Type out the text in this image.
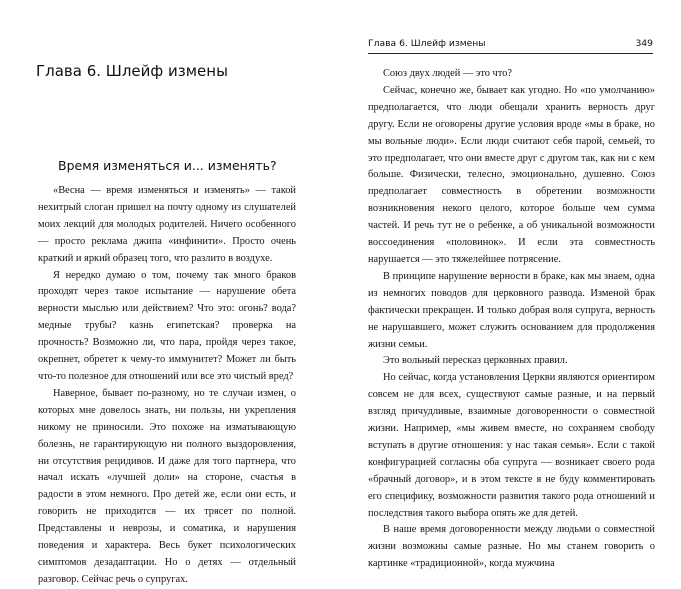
Глава 6. Шлейф измены
Время изменяться и... изменять?

«Весна — время изменяться и изменять» — такой нехитрый слоган пришел на почту одному из слушателей моих лекций для молодых родителей. Ничего особенного — просто реклама джипа «инфинити». Просто очень краткий и яркий образец того, что разлито в воздухе.

Я нередко думаю о том, почему так много браков проходят через такое испытание — нарушение обета верности мыслью или действием? Что это: огонь? вода? медные трубы? казнь египетская? проверка на прочность? Возможно ли, что пара, пройдя через такое, окрепнет, обретет к чему-то иммунитет? Может ли быть что-то полезное для отношений или все это чистый вред?

Наверное, бывает по-разному, но те случаи измен, о которых мне довелось знать, ни пользы, ни укрепления никому не приносили. Это похоже на изматывающую болезнь, не гарантирующую ни полного выздоровления, ни отсутствия рецидивов. И даже для того партнера, что начал искать «лучшей доли» на стороне, счастья в радости в этом немного. Про детей же, если они есть, и говорить не приходится — их трясет по полной. Представлены и неврозы, и соматика, и нарушения поведения и характера. Весь букет психологических симптомов дезадаптации. Но о детях — отдельный разговор. Сейчас речь о супругах.

Глава 6. Шлейф измены	349

Союз двух людей — это что?

Сейчас, конечно же, бывает как угодно. Но «по умолчанию» предполагается, что люди обещали хранить верность друг другу. Если не оговорены другие условия вроде «мы в браке, но мы вольные люди». Если люди считают себя парой, семьей, то это предполагает, что они вместе друг с другом так, как ни с кем больше. Физически, телесно, эмоционально, душевно. Союз предполагает совместность в обретении возможности возникновения некого целого, которое больше чем сумма частей. И речь тут не о ребенке, а об уникальной возможности воссоединения «половинок». И если эта совместность нарушается — это тяжелейшее потрясение.

В принципе нарушение верности в браке, как мы знаем, одна из немногих поводов для церковного развода. Изменой брак фактически прекращен. И только добрая воля супруга, верность не нарушавшего, может служить основанием для продолжения жизни семьи.

Это вольный пересказ церковных правил.

Но сейчас, когда установления Церкви являются ориентиром совсем не для всех, существуют самые разные, и на первый взгляд причудливые, взаимные договоренности о совместной жизни. Например, «мы живем вместе, но сохраняем свободу вступать в другие отношения: у нас такая семья». Если с такой конфигурацией согласны оба супруга — возникает своего рода «брачный договор», и в этом тексте я не буду комментировать его специфику, возможности развития такого рода отношений и последствия такого выбора опять же для детей.

В наше время договоренности между людьми о совместной жизни возможны самые разные. Но мы станем говорить о картинке «традиционной», когда мужчина
